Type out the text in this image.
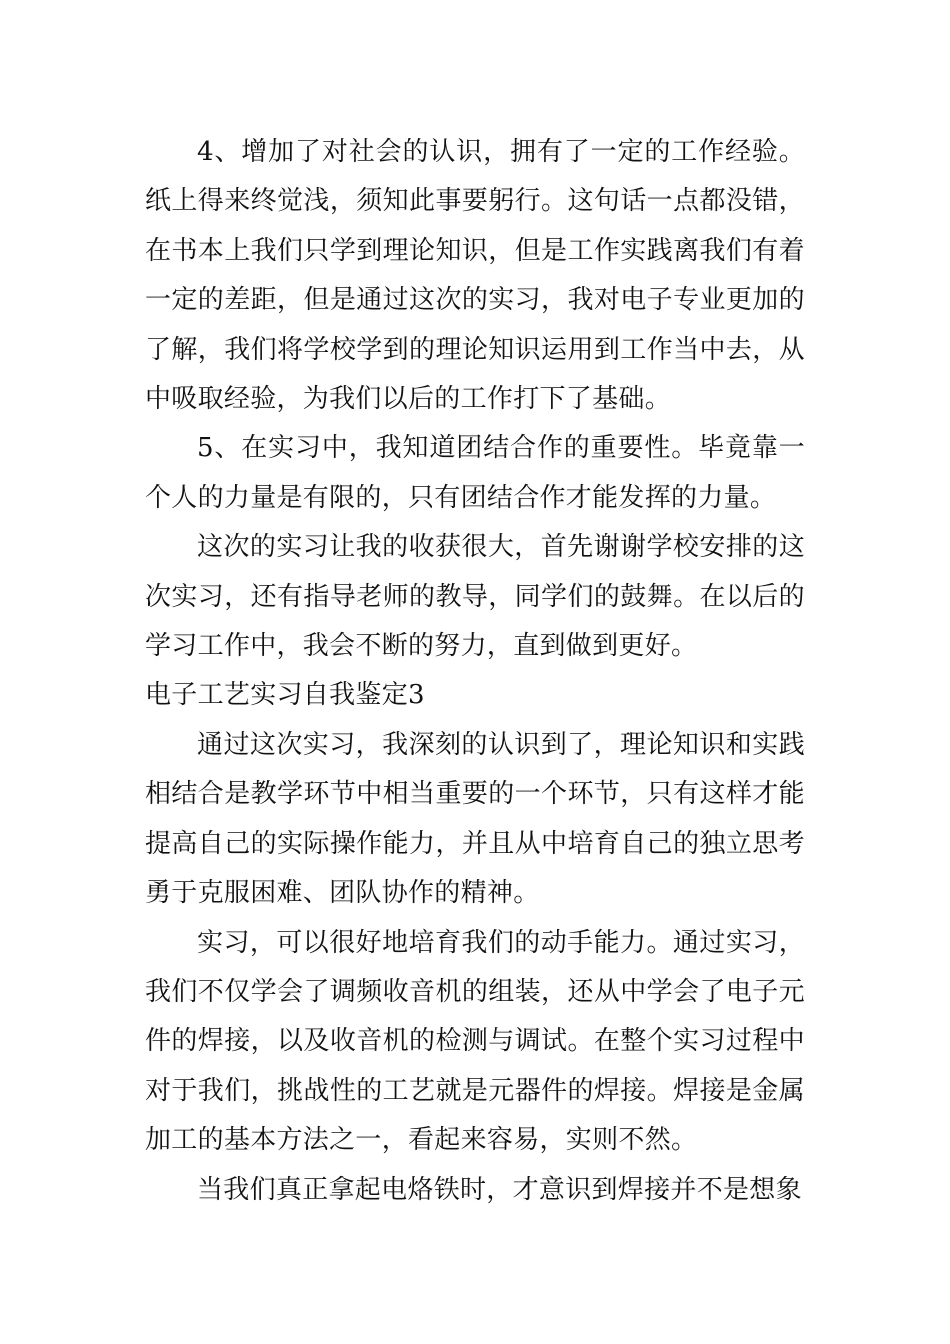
4、增加了对社会的认识，拥有了一定的工作经验。纸上得来终觉浅，须知此事要躬行。这句话一点都没错，在书本上我们只学到理论知识，但是工作实践离我们有着一定的差距，但是通过这次的实习，我对电子专业更加的了解，我们将学校学到的理论知识运用到工作当中去，从中吸取经验，为我们以后的工作打下了基础。

5、在实习中，我知道团结合作的重要性。毕竟靠一个人的力量是有限的，只有团结合作才能发挥的力量。

这次的实习让我的收获很大，首先谢谢学校安排的这次实习，还有指导老师的教导，同学们的鼓舞。在以后的学习工作中，我会不断的努力，直到做到更好。

电子工艺实习自我鉴定3

通过这次实习，我深刻的认识到了，理论知识和实践相结合是教学环节中相当重要的一个环节，只有这样才能提高自己的实际操作能力，并且从中培育自己的独立思考勇于克服困难、团队协作的精神。

实习，可以很好地培育我们的动手能力。通过实习，我们不仅学会了调频收音机的组装，还从中学会了电子元件的焊接，以及收音机的检测与调试。在整个实习过程中对于我们，挑战性的工艺就是元器件的焊接。焊接是金属加工的基本方法之一，看起来容易，实则不然。

当我们真正拿起电烙铁时，才意识到焊接并不是想象
